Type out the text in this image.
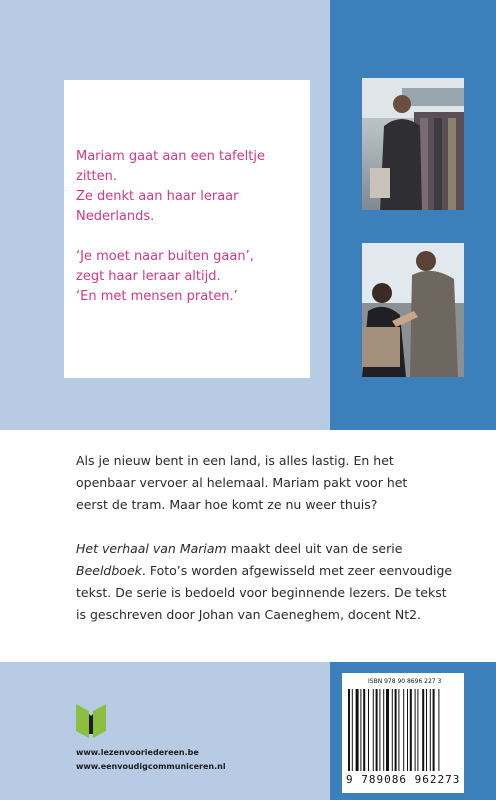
Mariam gaat aan een tafeltje
zitten.
Ze denkt aan haar leraar
Nederlands.

‘Je moet naar buiten gaan’,
zegt haar leraar altijd.
‘En met mensen praten.’

Als je nieuw bent in een land, is alles lastig. En het
openbaar vervoer al helemaal. Mariam pakt voor het
eerst de tram. Maar hoe komt ze nu weer thuis?

Het verhaal van Mariam maakt deel uit van de serie
Beeldboek. Foto’s worden afgewisseld met zeer eenvoudige
tekst. De serie is bedoeld voor beginnende lezers. De tekst
is geschreven door Johan van Caeneghem, docent Nt2.

www.lezenvooriedereen.be
www.eenvoudigcommuniceren.nl
ISBN 978 90 8696 227 3
9 789086 962273
